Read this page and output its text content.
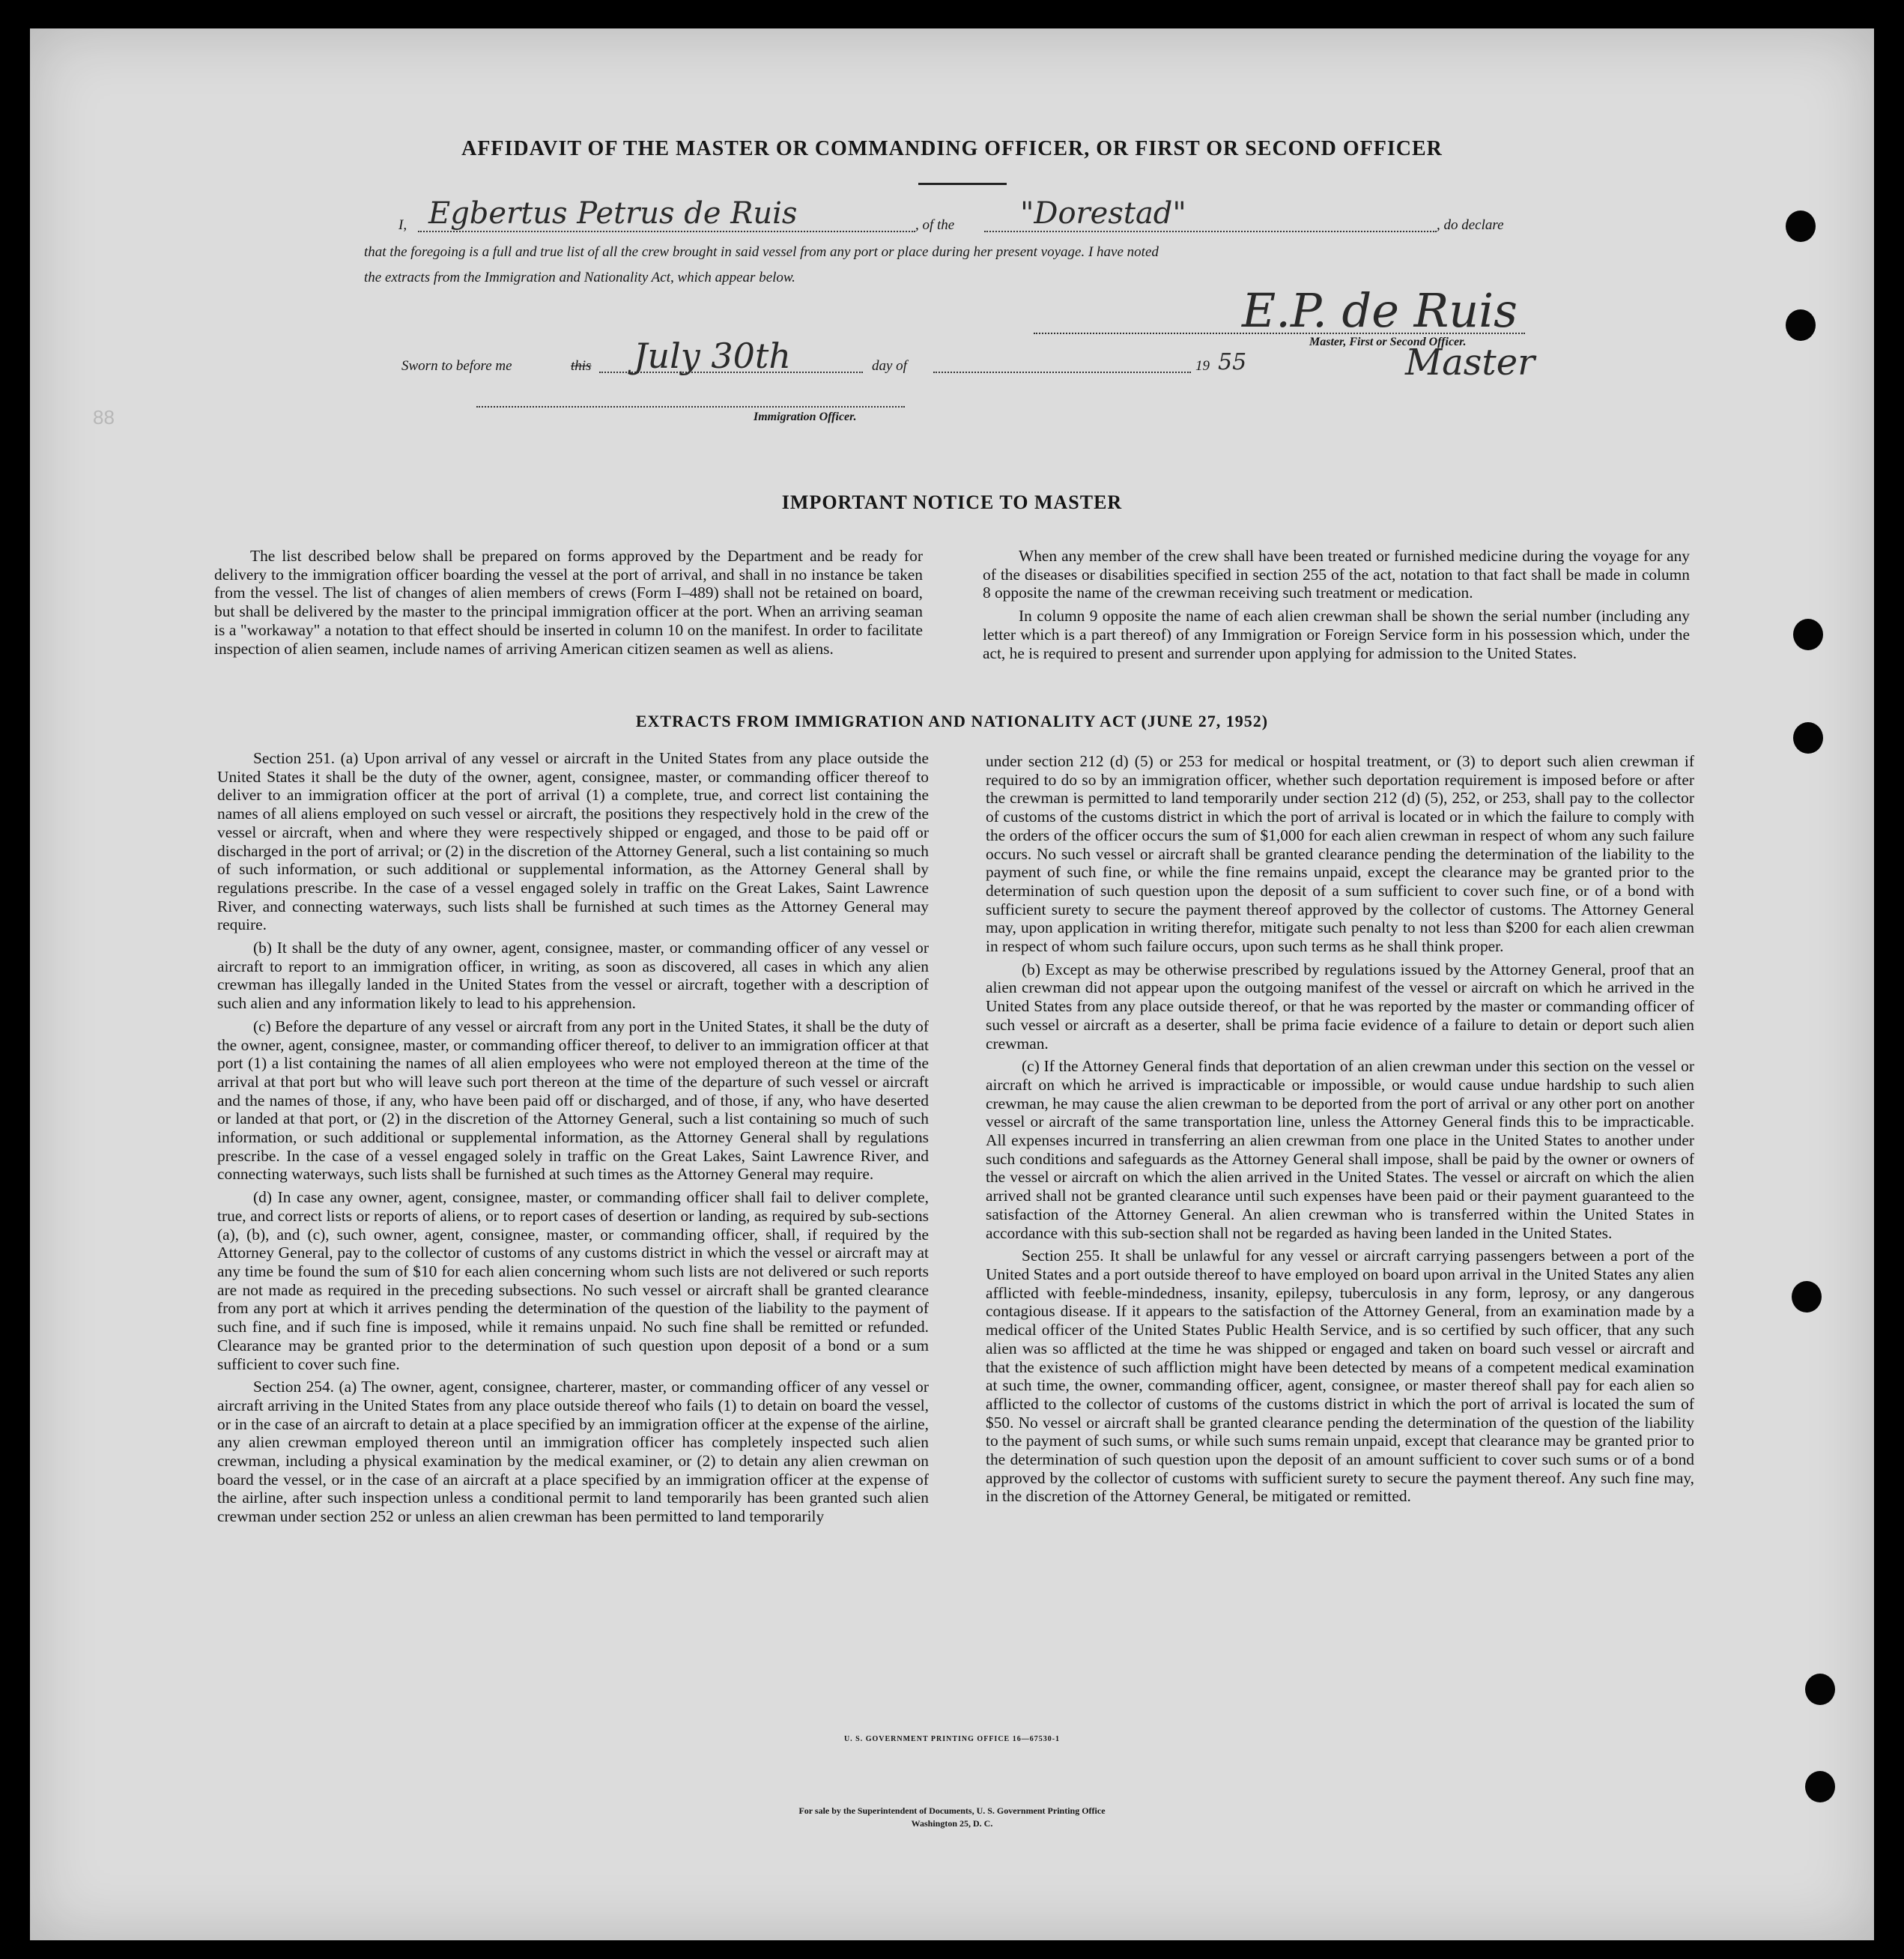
88
AFFIDAVIT OF THE MASTER OR COMMANDING OFFICER, OR FIRST OR SECOND OFFICER
I, Egbertus Petrus de Ruis	, of the "Dorestad"	, do declare
that the foregoing is a full and true list of all the crew brought in said vessel from any port or place during her present voyage. I have noted
the extracts from the Immigration and Nationality Act, which appear below.
E.P. de Ruis
Master, First or Second Officer.
Sworn to before me	this July 30th	day of	19 55	Master
Immigration Officer.
IMPORTANT NOTICE TO MASTER

The list described below shall be prepared on forms approved by the Department and be ready for delivery to the immigration officer boarding the vessel at the port of arrival, and shall in no instance be taken from the vessel. The list of changes of alien members of crews (Form I–489) shall not be retained on board, but shall be delivered by the master to the principal immigration officer at the port. When an arriving seaman is a "workaway" a notation to that effect should be inserted in column 10 on the manifest. In order to facilitate inspection of alien seamen, include names of arriving American citizen seamen as well as aliens.

When any member of the crew shall have been treated or furnished medicine during the voyage for any of the diseases or disabilities specified in section 255 of the act, notation to that fact shall be made in column 8 opposite the name of the crewman receiving such treatment or medication.

In column 9 opposite the name of each alien crewman shall be shown the serial number (including any letter which is a part thereof) of any Immigration or Foreign Service form in his possession which, under the act, he is required to present and surrender upon applying for admission to the United States.

EXTRACTS FROM IMMIGRATION AND NATIONALITY ACT (JUNE 27, 1952)

Section 251. (a) Upon arrival of any vessel or aircraft in the United States from any place outside the United States it shall be the duty of the owner, agent, consignee, master, or commanding officer thereof to deliver to an immigration officer at the port of arrival (1) a complete, true, and correct list containing the names of all aliens employed on such vessel or aircraft, the positions they respectively hold in the crew of the vessel or aircraft, when and where they were respectively shipped or engaged, and those to be paid off or discharged in the port of arrival; or (2) in the discretion of the Attorney General, such a list containing so much of such information, or such additional or supplemental information, as the Attorney General shall by regulations prescribe. In the case of a vessel engaged solely in traffic on the Great Lakes, Saint Lawrence River, and connecting waterways, such lists shall be furnished at such times as the Attorney General may require.

(b) It shall be the duty of any owner, agent, consignee, master, or commanding officer of any vessel or aircraft to report to an immigration officer, in writing, as soon as discovered, all cases in which any alien crewman has illegally landed in the United States from the vessel or aircraft, together with a description of such alien and any information likely to lead to his apprehension.

(c) Before the departure of any vessel or aircraft from any port in the United States, it shall be the duty of the owner, agent, consignee, master, or commanding officer thereof, to deliver to an immigration officer at that port (1) a list containing the names of all alien employees who were not employed thereon at the time of the arrival at that port but who will leave such port thereon at the time of the departure of such vessel or aircraft and the names of those, if any, who have been paid off or discharged, and of those, if any, who have deserted or landed at that port, or (2) in the discretion of the Attorney General, such a list containing so much of such information, or such additional or supplemental information, as the Attorney General shall by regulations prescribe. In the case of a vessel engaged solely in traffic on the Great Lakes, Saint Lawrence River, and connecting waterways, such lists shall be furnished at such times as the Attorney General may require.

(d) In case any owner, agent, consignee, master, or commanding officer shall fail to deliver complete, true, and correct lists or reports of aliens, or to report cases of desertion or landing, as required by sub-sections (a), (b), and (c), such owner, agent, consignee, master, or commanding officer, shall, if required by the Attorney General, pay to the collector of customs of any customs district in which the vessel or aircraft may at any time be found the sum of $10 for each alien concerning whom such lists are not delivered or such reports are not made as required in the preceding subsections. No such vessel or aircraft shall be granted clearance from any port at which it arrives pending the determination of the question of the liability to the payment of such fine, and if such fine is imposed, while it remains unpaid. No such fine shall be remitted or refunded. Clearance may be granted prior to the determination of such question upon deposit of a bond or a sum sufficient to cover such fine.

Section 254. (a) The owner, agent, consignee, charterer, master, or commanding officer of any vessel or aircraft arriving in the United States from any place outside thereof who fails (1) to detain on board the vessel, or in the case of an aircraft to detain at a place specified by an immigration officer at the expense of the airline, any alien crewman employed thereon until an immigration officer has completely inspected such alien crewman, including a physical examination by the medical examiner, or (2) to detain any alien crewman on board the vessel, or in the case of an aircraft at a place specified by an immigration officer at the expense of the airline, after such inspection unless a conditional permit to land temporarily has been granted such alien crewman under section 252 or unless an alien crewman has been permitted to land temporarily

under section 212 (d) (5) or 253 for medical or hospital treatment, or (3) to deport such alien crewman if required to do so by an immigration officer, whether such deportation requirement is imposed before or after the crewman is permitted to land temporarily under section 212 (d) (5), 252, or 253, shall pay to the collector of customs of the customs district in which the port of arrival is located or in which the failure to comply with the orders of the officer occurs the sum of $1,000 for each alien crewman in respect of whom any such failure occurs. No such vessel or aircraft shall be granted clearance pending the determination of the liability to the payment of such fine, or while the fine remains unpaid, except the clearance may be granted prior to the determination of such question upon the deposit of a sum sufficient to cover such fine, or of a bond with sufficient surety to secure the payment thereof approved by the collector of customs. The Attorney General may, upon application in writing therefor, mitigate such penalty to not less than $200 for each alien crewman in respect of whom such failure occurs, upon such terms as he shall think proper.

(b) Except as may be otherwise prescribed by regulations issued by the Attorney General, proof that an alien crewman did not appear upon the outgoing manifest of the vessel or aircraft on which he arrived in the United States from any place outside thereof, or that he was reported by the master or commanding officer of such vessel or aircraft as a deserter, shall be prima facie evidence of a failure to detain or deport such alien crewman.

(c) If the Attorney General finds that deportation of an alien crewman under this section on the vessel or aircraft on which he arrived is impracticable or impossible, or would cause undue hardship to such alien crewman, he may cause the alien crewman to be deported from the port of arrival or any other port on another vessel or aircraft of the same transportation line, unless the Attorney General finds this to be impracticable. All expenses incurred in transferring an alien crewman from one place in the United States to another under such conditions and safeguards as the Attorney General shall impose, shall be paid by the owner or owners of the vessel or aircraft on which the alien arrived in the United States. The vessel or aircraft on which the alien arrived shall not be granted clearance until such expenses have been paid or their payment guaranteed to the satisfaction of the Attorney General. An alien crewman who is transferred within the United States in accordance with this sub-section shall not be regarded as having been landed in the United States.

Section 255. It shall be unlawful for any vessel or aircraft carrying passengers between a port of the United States and a port outside thereof to have employed on board upon arrival in the United States any alien afflicted with feeble-mindedness, insanity, epilepsy, tuberculosis in any form, leprosy, or any dangerous contagious disease. If it appears to the satisfaction of the Attorney General, from an examination made by a medical officer of the United States Public Health Service, and is so certified by such officer, that any such alien was so afflicted at the time he was shipped or engaged and taken on board such vessel or aircraft and that the existence of such affliction might have been detected by means of a competent medical examination at such time, the owner, commanding officer, agent, consignee, or master thereof shall pay for each alien so afflicted to the collector of customs of the customs district in which the port of arrival is located the sum of $50. No vessel or aircraft shall be granted clearance pending the determination of the question of the liability to the payment of such sums, or while such sums remain unpaid, except that clearance may be granted prior to the determination of such question upon the deposit of an amount sufficient to cover such sums or of a bond approved by the collector of customs with sufficient surety to secure the payment thereof. Any such fine may, in the discretion of the Attorney General, be mitigated or remitted.

U. S. GOVERNMENT PRINTING OFFICE 16—67530-1
For sale by the Superintendent of Documents, U. S. Government Printing Office
Washington 25, D. C.
